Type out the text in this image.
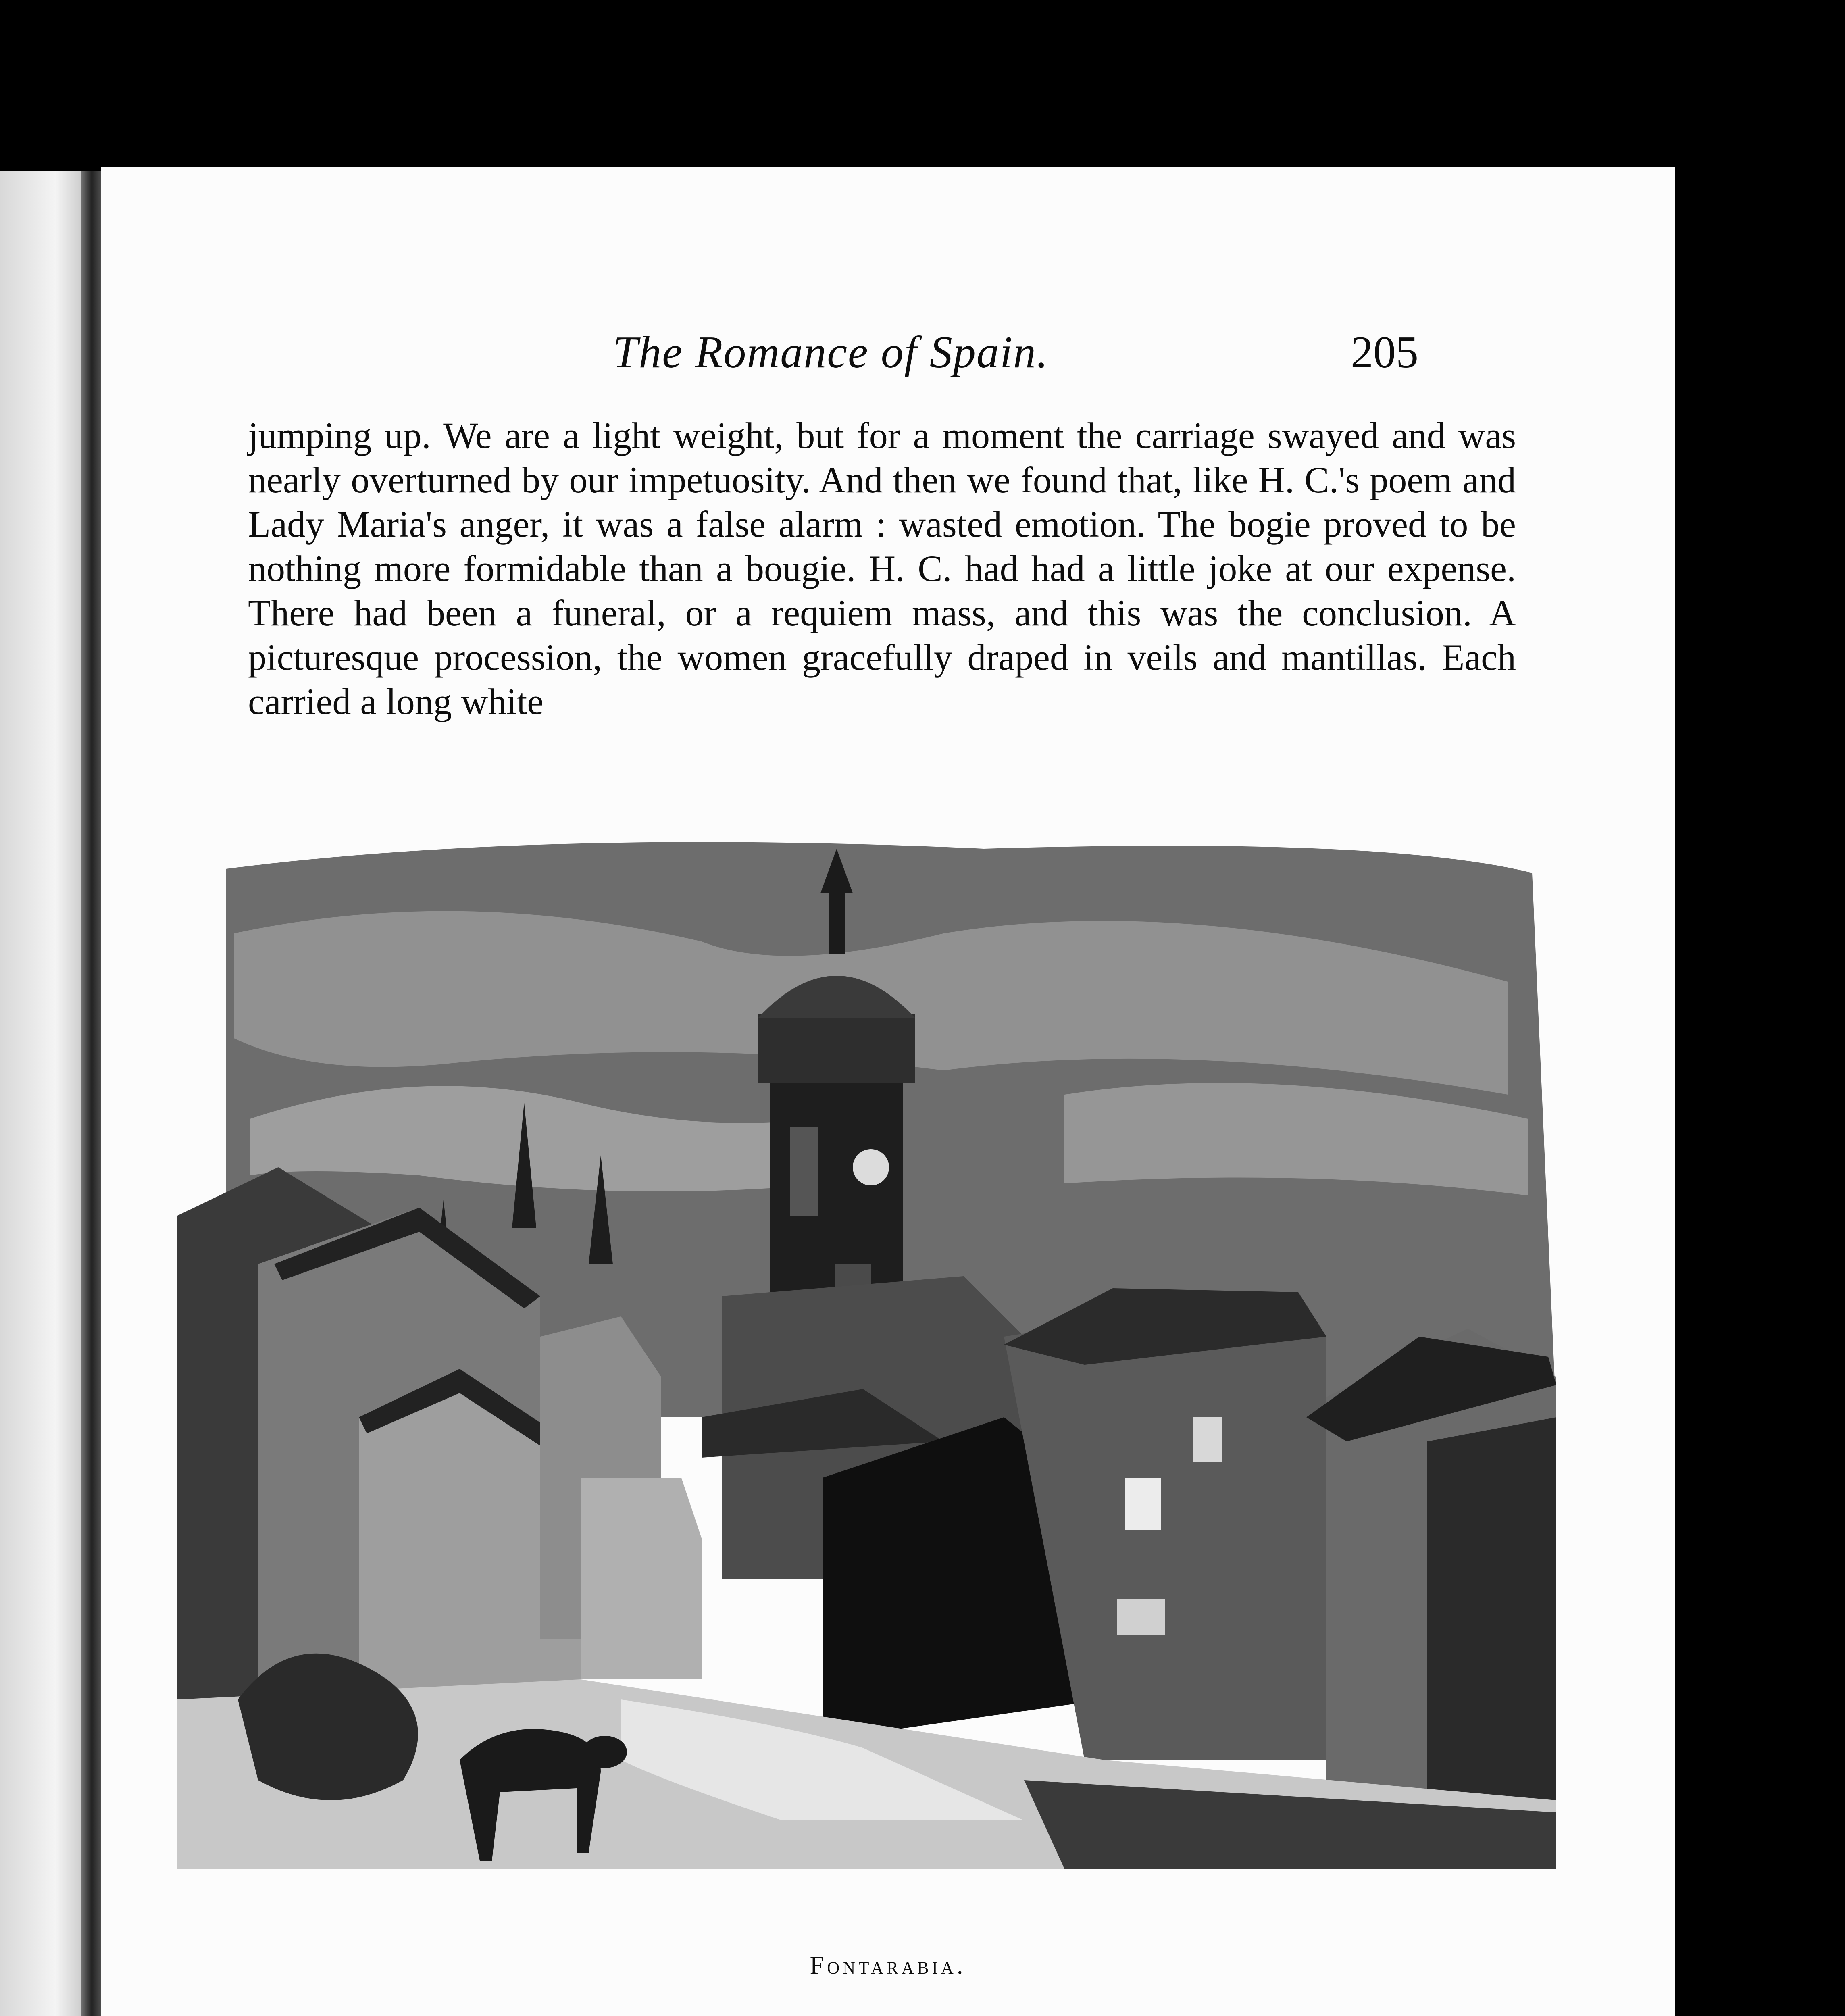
The Romance of Spain.	205

jumping up. We are a light weight, but for a moment the carriage swayed and was nearly overturned by our impetuosity. And then we found that, like H. C.'s poem and Lady Maria's anger, it was a false alarm : wasted emotion. The bogie proved to be nothing more formidable than a bougie. H. C. had had a little joke at our expense. There had been a funeral, or a requiem mass, and this was the conclusion. A picturesque procession, the women gracefully draped in veils and mantillas. Each carried a long white

Fontarabia.
